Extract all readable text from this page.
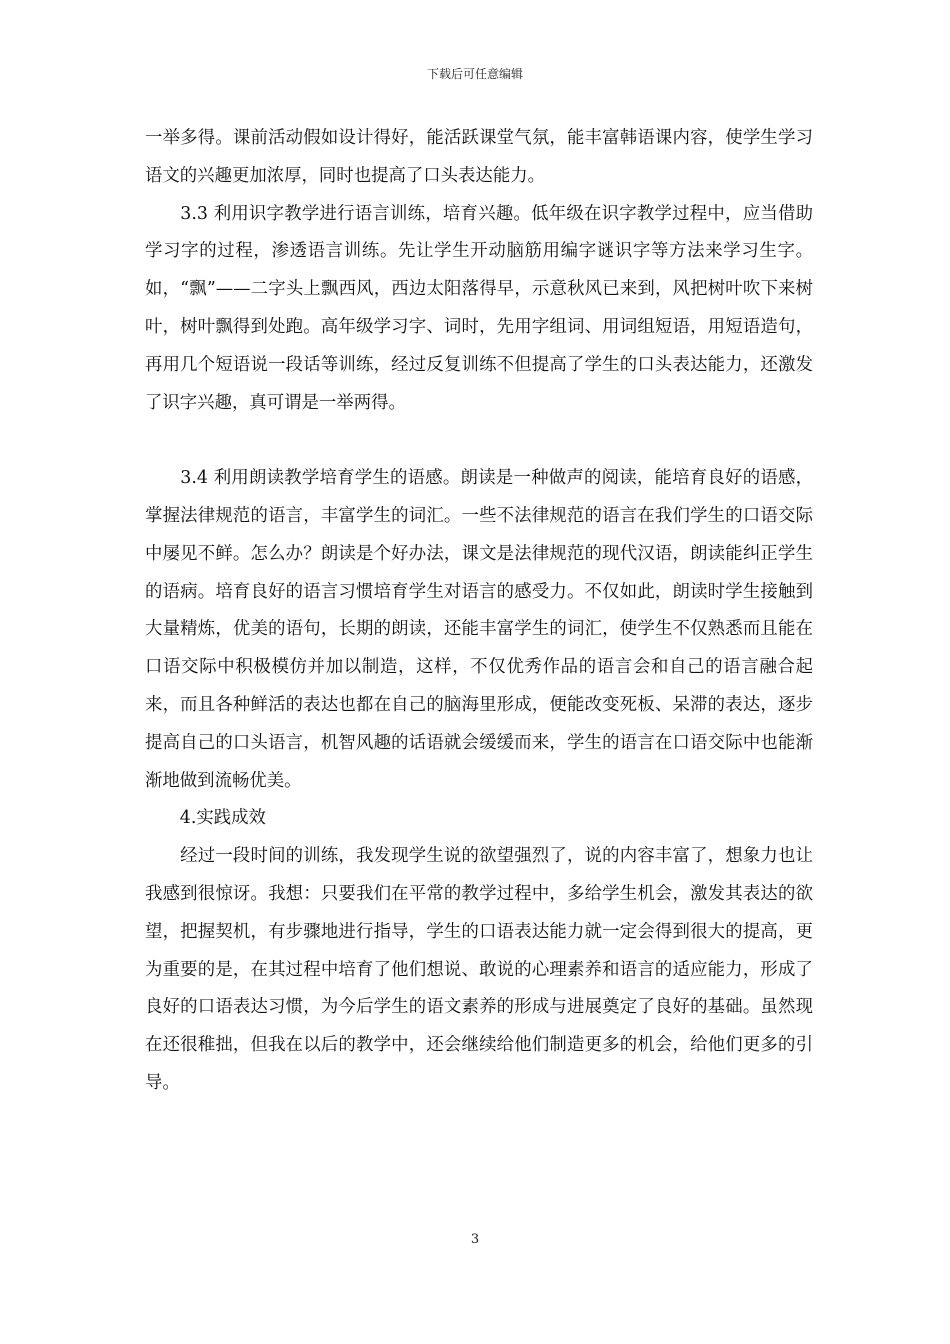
下载后可任意编辑

一举多得。课前活动假如设计得好，能活跃课堂气氛，能丰富韩语课内容，使学生学习语文的兴趣更加浓厚，同时也提高了口头表达能力。

　　3.3 利用识字教学进行语言训练，培育兴趣。低年级在识字教学过程中，应当借助学习字的过程，渗透语言训练。先让学生开动脑筋用编字谜识字等方法来学习生字。如，“飘”——二字头上飘西风，西边太阳落得早，示意秋风已来到，风把树叶吹下来树叶，树叶飘得到处跑。高年级学习字、词时，先用字组词、用词组短语，用短语造句，再用几个短语说一段话等训练，经过反复训练不但提高了学生的口头表达能力，还激发了识字兴趣，真可谓是一举两得。

　　3.4 利用朗读教学培育学生的语感。朗读是一种做声的阅读，能培育良好的语感，掌握法律规范的语言，丰富学生的词汇。一些不法律规范的语言在我们学生的口语交际中屡见不鲜。怎么办？朗读是个好办法，课文是法律规范的现代汉语，朗读能纠正学生的语病。培育良好的语言习惯培育学生对语言的感受力。不仅如此，朗读时学生接触到大量精炼，优美的语句，长期的朗读，还能丰富学生的词汇，使学生不仅熟悉而且能在口语交际中积极模仿并加以制造，这样，不仅优秀作品的语言会和自己的语言融合起来，而且各种鲜活的表达也都在自己的脑海里形成，便能改变死板、呆滞的表达，逐步提高自己的口头语言，机智风趣的话语就会缓缓而来，学生的语言在口语交际中也能渐渐地做到流畅优美。

　　4.实践成效

　　经过一段时间的训练，我发现学生说的欲望强烈了，说的内容丰富了，想象力也让我感到很惊讶。我想：只要我们在平常的教学过程中，多给学生机会，激发其表达的欲望，把握契机，有步骤地进行指导，学生的口语表达能力就一定会得到很大的提高，更为重要的是，在其过程中培育了他们想说、敢说的心理素养和语言的适应能力，形成了良好的口语表达习惯，为今后学生的语文素养的形成与进展奠定了良好的基础。虽然现在还很稚拙，但我在以后的教学中，还会继续给他们制造更多的机会，给他们更多的引导。

3
